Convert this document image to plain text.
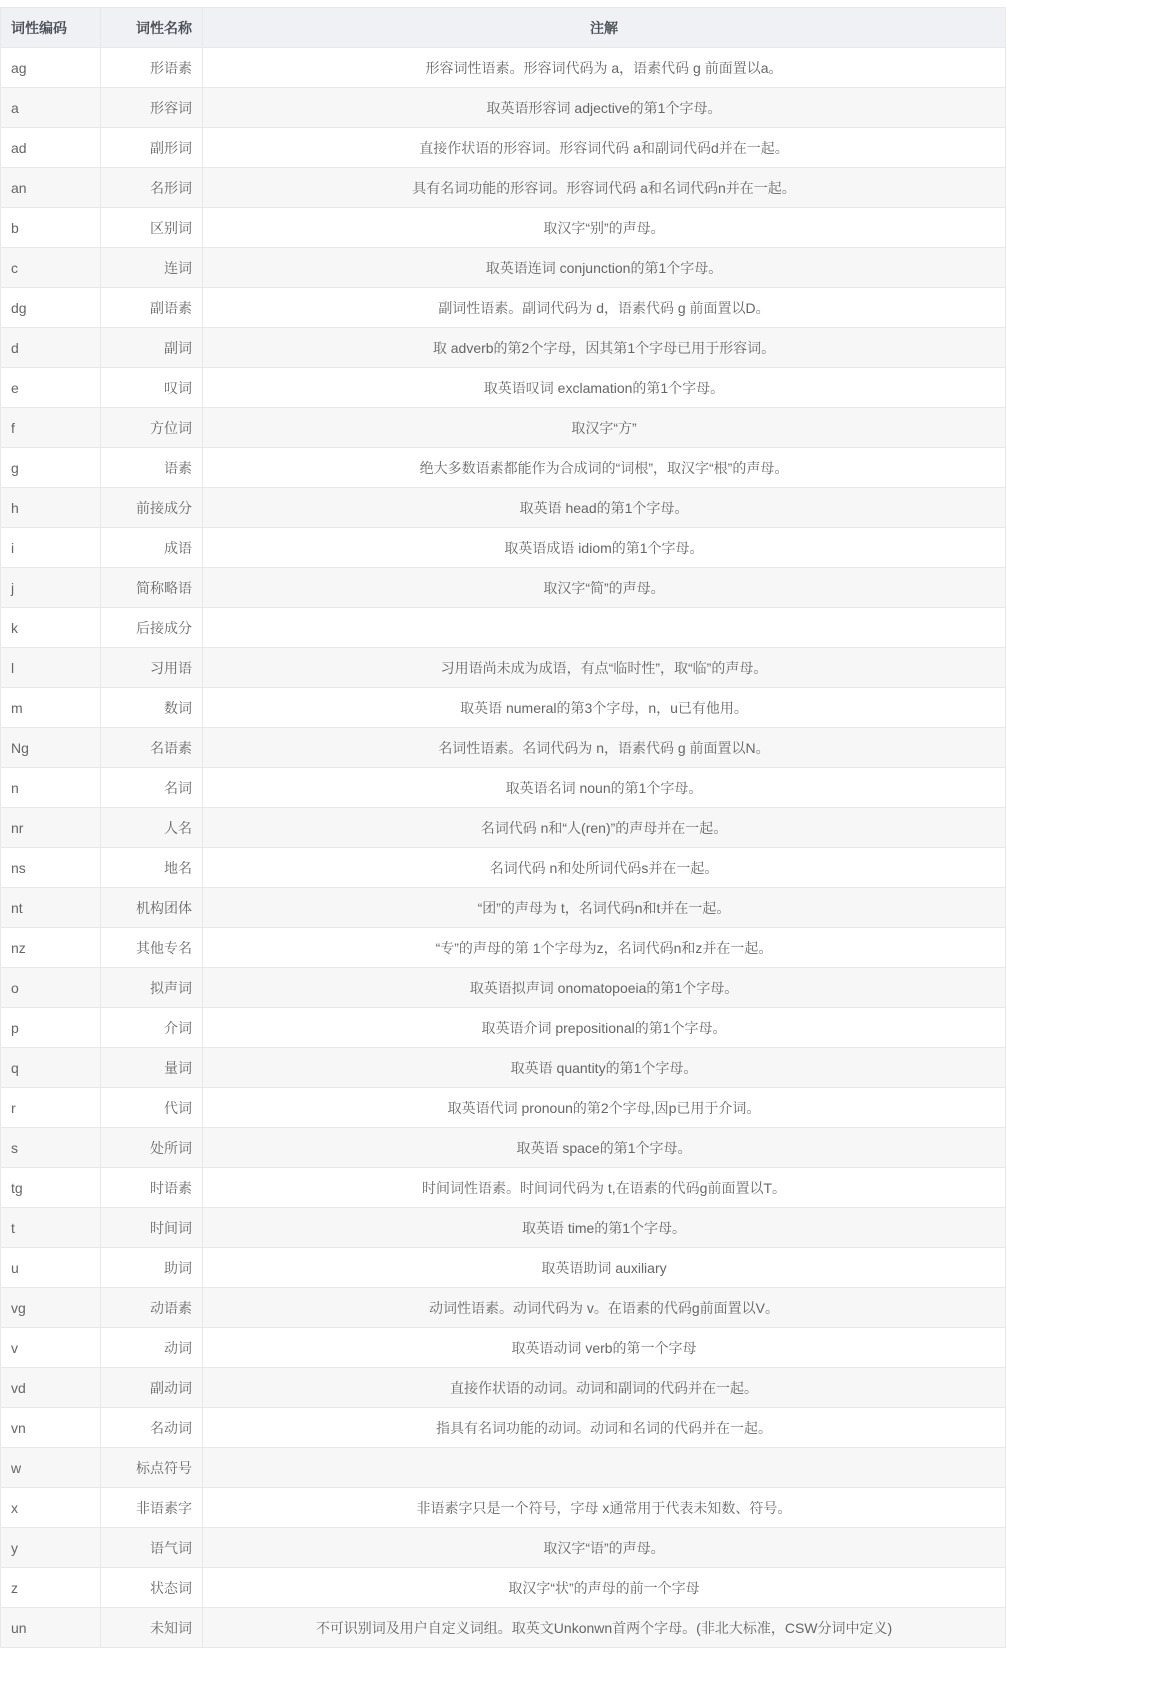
词性编码	词性名称	注解
ag	形语素	形容词性语素。形容词代码为 a，语素代码 g 前面置以a。
a	形容词	取英语形容词 adjective的第1个字母。
ad	副形词	直接作状语的形容词。形容词代码 a和副词代码d并在一起。
an	名形词	具有名词功能的形容词。形容词代码 a和名词代码n并在一起。
b	区别词	取汉字“别”的声母。
c	连词	取英语连词 conjunction的第1个字母。
dg	副语素	副词性语素。副词代码为 d，语素代码 g 前面置以D。
d	副词	取 adverb的第2个字母，因其第1个字母已用于形容词。
e	叹词	取英语叹词 exclamation的第1个字母。
f	方位词	取汉字“方”
g	语素	绝大多数语素都能作为合成词的“词根”，取汉字“根”的声母。
h	前接成分	取英语 head的第1个字母。
i	成语	取英语成语 idiom的第1个字母。
j	简称略语	取汉字“简”的声母。
k	后接成分	
l	习用语	习用语尚未成为成语，有点“临时性”，取“临”的声母。
m	数词	取英语 numeral的第3个字母，n，u已有他用。
Ng	名语素	名词性语素。名词代码为 n，语素代码 g 前面置以N。
n	名词	取英语名词 noun的第1个字母。
nr	人名	名词代码 n和“人(ren)”的声母并在一起。
ns	地名	名词代码 n和处所词代码s并在一起。
nt	机构团体	“团”的声母为 t，名词代码n和t并在一起。
nz	其他专名	“专”的声母的第 1个字母为z，名词代码n和z并在一起。
o	拟声词	取英语拟声词 onomatopoeia的第1个字母。
p	介词	取英语介词 prepositional的第1个字母。
q	量词	取英语 quantity的第1个字母。
r	代词	取英语代词 pronoun的第2个字母,因p已用于介词。
s	处所词	取英语 space的第1个字母。
tg	时语素	时间词性语素。时间词代码为 t,在语素的代码g前面置以T。
t	时间词	取英语 time的第1个字母。
u	助词	取英语助词 auxiliary
vg	动语素	动词性语素。动词代码为 v。在语素的代码g前面置以V。
v	动词	取英语动词 verb的第一个字母
vd	副动词	直接作状语的动词。动词和副词的代码并在一起。
vn	名动词	指具有名词功能的动词。动词和名词的代码并在一起。
w	标点符号	
x	非语素字	非语素字只是一个符号，字母 x通常用于代表未知数、符号。
y	语气词	取汉字“语”的声母。
z	状态词	取汉字“状”的声母的前一个字母
un	未知词	不可识别词及用户自定义词组。取英文Unkonwn首两个字母。(非北大标准，CSW分词中定义)
